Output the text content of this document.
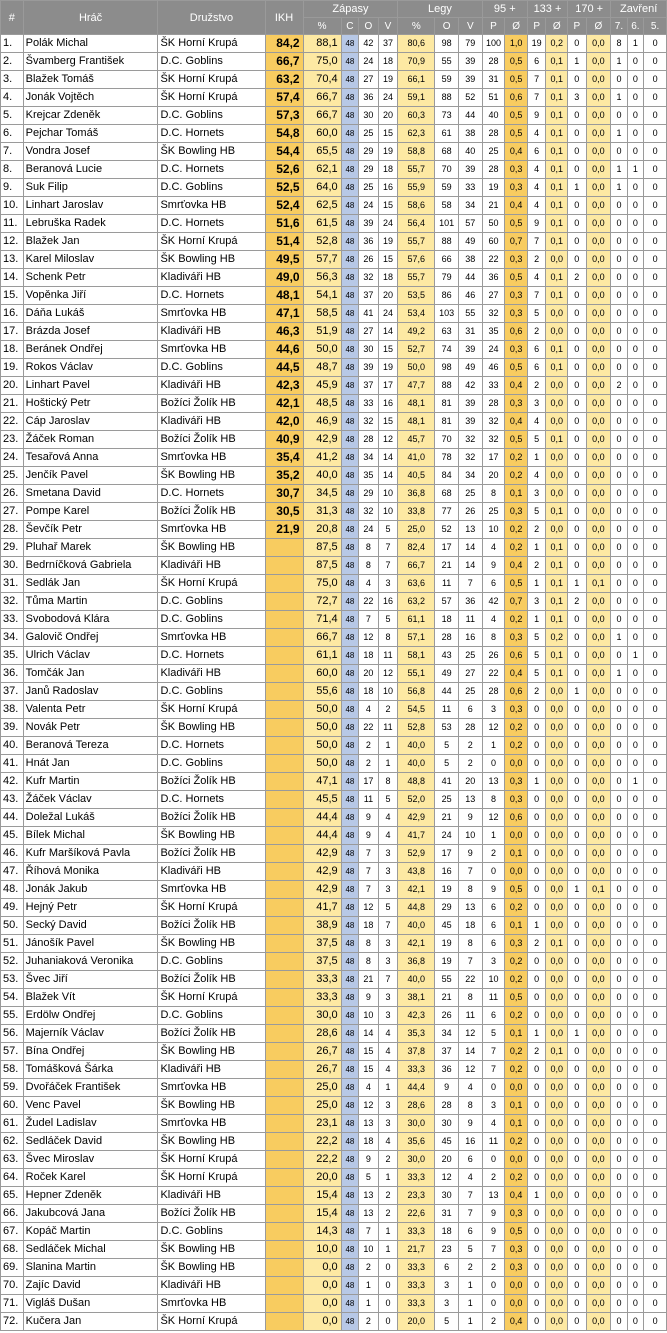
#	Hráč	Družstvo	IKH	Zápasy				Legy			95 +		133 +		170 +		Zavření		
				%	C	O	V	%	O	V	P	Ø	P	Ø	P	Ø	7.	6.	5.
1.	Polák Michal	ŠK Horní Krupá	84,2	88,1	48	42	37	80,6	98	79	100	1,0	19	0,2	0	0,0	8	1	0
2.	Švamberg František	D.C. Goblins	66,7	75,0	48	24	18	70,9	55	39	28	0,5	6	0,1	1	0,0	1	0	0
3.	Blažek Tomáš	ŠK Horní Krupá	63,2	70,4	48	27	19	66,1	59	39	31	0,5	7	0,1	0	0,0	0	0	0
4.	Jonák Vojtěch	ŠK Horní Krupá	57,4	66,7	48	36	24	59,1	88	52	51	0,6	7	0,1	3	0,0	1	0	0
5.	Krejcar Zdeněk	D.C. Goblins	57,3	66,7	48	30	20	60,3	73	44	40	0,5	9	0,1	0	0,0	0	0	0
6.	Pejchar Tomáš	D.C. Hornets	54,8	60,0	48	25	15	62,3	61	38	28	0,5	4	0,1	0	0,0	1	0	0
7.	Vondra Josef	ŠK Bowling HB	54,4	65,5	48	29	19	58,8	68	40	25	0,4	6	0,1	0	0,0	0	0	0
8.	Beranová Lucie	D.C. Hornets	52,6	62,1	48	29	18	55,7	70	39	28	0,3	4	0,1	0	0,0	1	1	0
9.	Suk Filip	D.C. Goblins	52,5	64,0	48	25	16	55,9	59	33	19	0,3	4	0,1	1	0,0	1	0	0
10.	Linhart Jaroslav	Smrťovka HB	52,4	62,5	48	24	15	58,6	58	34	21	0,4	4	0,1	0	0,0	0	0	0
11.	Lebruška Radek	D.C. Hornets	51,6	61,5	48	39	24	56,4	101	57	50	0,5	9	0,1	0	0,0	0	0	0
12.	Blažek Jan	ŠK Horní Krupá	51,4	52,8	48	36	19	55,7	88	49	60	0,7	7	0,1	0	0,0	0	0	0
13.	Karel Miloslav	ŠK Bowling HB	49,5	57,7	48	26	15	57,6	66	38	22	0,3	2	0,0	0	0,0	0	0	0
14.	Schenk Petr	Kladiváři HB	49,0	56,3	48	32	18	55,7	79	44	36	0,5	4	0,1	2	0,0	0	0	0
15.	Vopěnka Jiří	D.C. Hornets	48,1	54,1	48	37	20	53,5	86	46	27	0,3	7	0,1	0	0,0	0	0	0
16.	Dáňa Lukáš	Smrťovka HB	47,1	58,5	48	41	24	53,4	103	55	32	0,3	5	0,0	0	0,0	0	0	0
17.	Brázda Josef	Kladiváři HB	46,3	51,9	48	27	14	49,2	63	31	35	0,6	2	0,0	0	0,0	0	0	0
18.	Beránek Ondřej	Smrťovka HB	44,6	50,0	48	30	15	52,7	74	39	24	0,3	6	0,1	0	0,0	0	0	0
19.	Rokos Václav	D.C. Goblins	44,5	48,7	48	39	19	50,0	98	49	46	0,5	6	0,1	0	0,0	0	0	0
20.	Linhart Pavel	Kladiváři HB	42,3	45,9	48	37	17	47,7	88	42	33	0,4	2	0,0	0	0,0	2	0	0
21.	Hoštický Petr	Božíci Žolík HB	42,1	48,5	48	33	16	48,1	81	39	28	0,3	3	0,0	0	0,0	0	0	0
22.	Cáp Jaroslav	Kladiváři HB	42,0	46,9	48	32	15	48,1	81	39	32	0,4	4	0,0	0	0,0	0	0	0
23.	Žáček Roman	Božíci Žolík HB	40,9	42,9	48	28	12	45,7	70	32	32	0,5	5	0,1	0	0,0	0	0	0
24.	Tesařová Anna	Smrťovka HB	35,4	41,2	48	34	14	41,0	78	32	17	0,2	1	0,0	0	0,0	0	0	0
25.	Jenčík Pavel	ŠK Bowling HB	35,2	40,0	48	35	14	40,5	84	34	20	0,2	4	0,0	0	0,0	0	0	0
26.	Smetana David	D.C. Hornets	30,7	34,5	48	29	10	36,8	68	25	8	0,1	3	0,0	0	0,0	0	0	0
27.	Pompe Karel	Božíci Žolík HB	30,5	31,3	48	32	10	33,8	77	26	25	0,3	5	0,1	0	0,0	0	0	0
28.	Ševčík Petr	Smrťovka HB	21,9	20,8	48	24	5	25,0	52	13	10	0,2	2	0,0	0	0,0	0	0	0
29.	Pluhař Marek	ŠK Bowling HB		87,5	48	8	7	82,4	17	14	4	0,2	1	0,1	0	0,0	0	0	0
30.	Bedrníčková Gabriela	Kladiváři HB		87,5	48	8	7	66,7	21	14	9	0,4	2	0,1	0	0,0	0	0	0
31.	Sedlák Jan	ŠK Horní Krupá		75,0	48	4	3	63,6	11	7	6	0,5	1	0,1	1	0,1	0	0	0
32.	Tůma Martin	D.C. Goblins		72,7	48	22	16	63,2	57	36	42	0,7	3	0,1	2	0,0	0	0	0
33.	Svobodová Klára	D.C. Goblins		71,4	48	7	5	61,1	18	11	4	0,2	1	0,1	0	0,0	0	0	0
34.	Galovič Ondřej	Smrťovka HB		66,7	48	12	8	57,1	28	16	8	0,3	5	0,2	0	0,0	1	0	0
35.	Ulrich Václav	D.C. Hornets		61,1	48	18	11	58,1	43	25	26	0,6	5	0,1	0	0,0	0	1	0
36.	Tomčák Jan	Kladiváři HB		60,0	48	20	12	55,1	49	27	22	0,4	5	0,1	0	0,0	1	0	0
37.	Janů Radoslav	D.C. Goblins		55,6	48	18	10	56,8	44	25	28	0,6	2	0,0	1	0,0	0	0	0
38.	Valenta Petr	ŠK Horní Krupá		50,0	48	4	2	54,5	11	6	3	0,3	0	0,0	0	0,0	0	0	0
39.	Novák Petr	ŠK Bowling HB		50,0	48	22	11	52,8	53	28	12	0,2	0	0,0	0	0,0	0	0	0
40.	Beranová Tereza	D.C. Hornets		50,0	48	2	1	40,0	5	2	1	0,2	0	0,0	0	0,0	0	0	0
41.	Hnát Jan	D.C. Goblins		50,0	48	2	1	40,0	5	2	0	0,0	0	0,0	0	0,0	0	0	0
42.	Kufr Martin	Božíci Žolík HB		47,1	48	17	8	48,8	41	20	13	0,3	1	0,0	0	0,0	0	1	0
43.	Žáček Václav	D.C. Hornets		45,5	48	11	5	52,0	25	13	8	0,3	0	0,0	0	0,0	0	0	0
44.	Doležal Lukáš	Božíci Žolík HB		44,4	48	9	4	42,9	21	9	12	0,6	0	0,0	0	0,0	0	0	0
45.	Bílek Michal	ŠK Bowling HB		44,4	48	9	4	41,7	24	10	1	0,0	0	0,0	0	0,0	0	0	0
46.	Kufr Maršíková Pavla	Božíci Žolík HB		42,9	48	7	3	52,9	17	9	2	0,1	0	0,0	0	0,0	0	0	0
47.	Říhová Monika	Kladiváři HB		42,9	48	7	3	43,8	16	7	0	0,0	0	0,0	0	0,0	0	0	0
48.	Jonák Jakub	Smrťovka HB		42,9	48	7	3	42,1	19	8	9	0,5	0	0,0	1	0,1	0	0	0
49.	Hejný Petr	ŠK Horní Krupá		41,7	48	12	5	44,8	29	13	6	0,2	0	0,0	0	0,0	0	0	0
50.	Secký David	Božíci Žolík HB		38,9	48	18	7	40,0	45	18	6	0,1	1	0,0	0	0,0	0	0	0
51.	Jánošík Pavel	ŠK Bowling HB		37,5	48	8	3	42,1	19	8	6	0,3	2	0,1	0	0,0	0	0	0
52.	Juhaniaková Veronika	D.C. Goblins		37,5	48	8	3	36,8	19	7	3	0,2	0	0,0	0	0,0	0	0	0
53.	Švec Jiří	Božíci Žolík HB		33,3	48	21	7	40,0	55	22	10	0,2	0	0,0	0	0,0	0	0	0
54.	Blažek Vít	ŠK Horní Krupá		33,3	48	9	3	38,1	21	8	11	0,5	0	0,0	0	0,0	0	0	0
55.	Erdölw Ondřej	D.C. Goblins		30,0	48	10	3	42,3	26	11	6	0,2	0	0,0	0	0,0	0	0	0
56.	Majerník Václav	Božíci Žolík HB		28,6	48	14	4	35,3	34	12	5	0,1	1	0,0	1	0,0	0	0	0
57.	Bína Ondřej	ŠK Bowling HB		26,7	48	15	4	37,8	37	14	7	0,2	2	0,1	0	0,0	0	0	0
58.	Tomášková Šárka	Kladiváři HB		26,7	48	15	4	33,3	36	12	7	0,2	0	0,0	0	0,0	0	0	0
59.	Dvořáček František	Smrťovka HB		25,0	48	4	1	44,4	9	4	0	0,0	0	0,0	0	0,0	0	0	0
60.	Venc Pavel	ŠK Bowling HB		25,0	48	12	3	28,6	28	8	3	0,1	0	0,0	0	0,0	0	0	0
61.	Žudel Ladislav	Smrťovka HB		23,1	48	13	3	30,0	30	9	4	0,1	0	0,0	0	0,0	0	0	0
62.	Sedláček David	ŠK Bowling HB		22,2	48	18	4	35,6	45	16	11	0,2	0	0,0	0	0,0	0	0	0
63.	Švec Miroslav	ŠK Horní Krupá		22,2	48	9	2	30,0	20	6	0	0,0	0	0,0	0	0,0	0	0	0
64.	Roček Karel	ŠK Horní Krupá		20,0	48	5	1	33,3	12	4	2	0,2	0	0,0	0	0,0	0	0	0
65.	Hepner Zdeněk	Kladiváři HB		15,4	48	13	2	23,3	30	7	13	0,4	1	0,0	0	0,0	0	0	0
66.	Jakubcová Jana	Božíci Žolík HB		15,4	48	13	2	22,6	31	7	9	0,3	0	0,0	0	0,0	0	0	0
67.	Kopáč Martin	D.C. Goblins		14,3	48	7	1	33,3	18	6	9	0,5	0	0,0	0	0,0	0	0	0
68.	Sedláček Michal	ŠK Bowling HB		10,0	48	10	1	21,7	23	5	7	0,3	0	0,0	0	0,0	0	0	0
69.	Slanina Martin	ŠK Bowling HB		0,0	48	2	0	33,3	6	2	2	0,3	0	0,0	0	0,0	0	0	0
70.	Zajíc David	Kladiváři HB		0,0	48	1	0	33,3	3	1	0	0,0	0	0,0	0	0,0	0	0	0
71.	Vigláš Dušan	Smrťovka HB		0,0	48	1	0	33,3	3	1	0	0,0	0	0,0	0	0,0	0	0	0
72.	Kučera Jan	ŠK Horní Krupá		0,0	48	2	0	20,0	5	1	2	0,4	0	0,0	0	0,0	0	0	0
